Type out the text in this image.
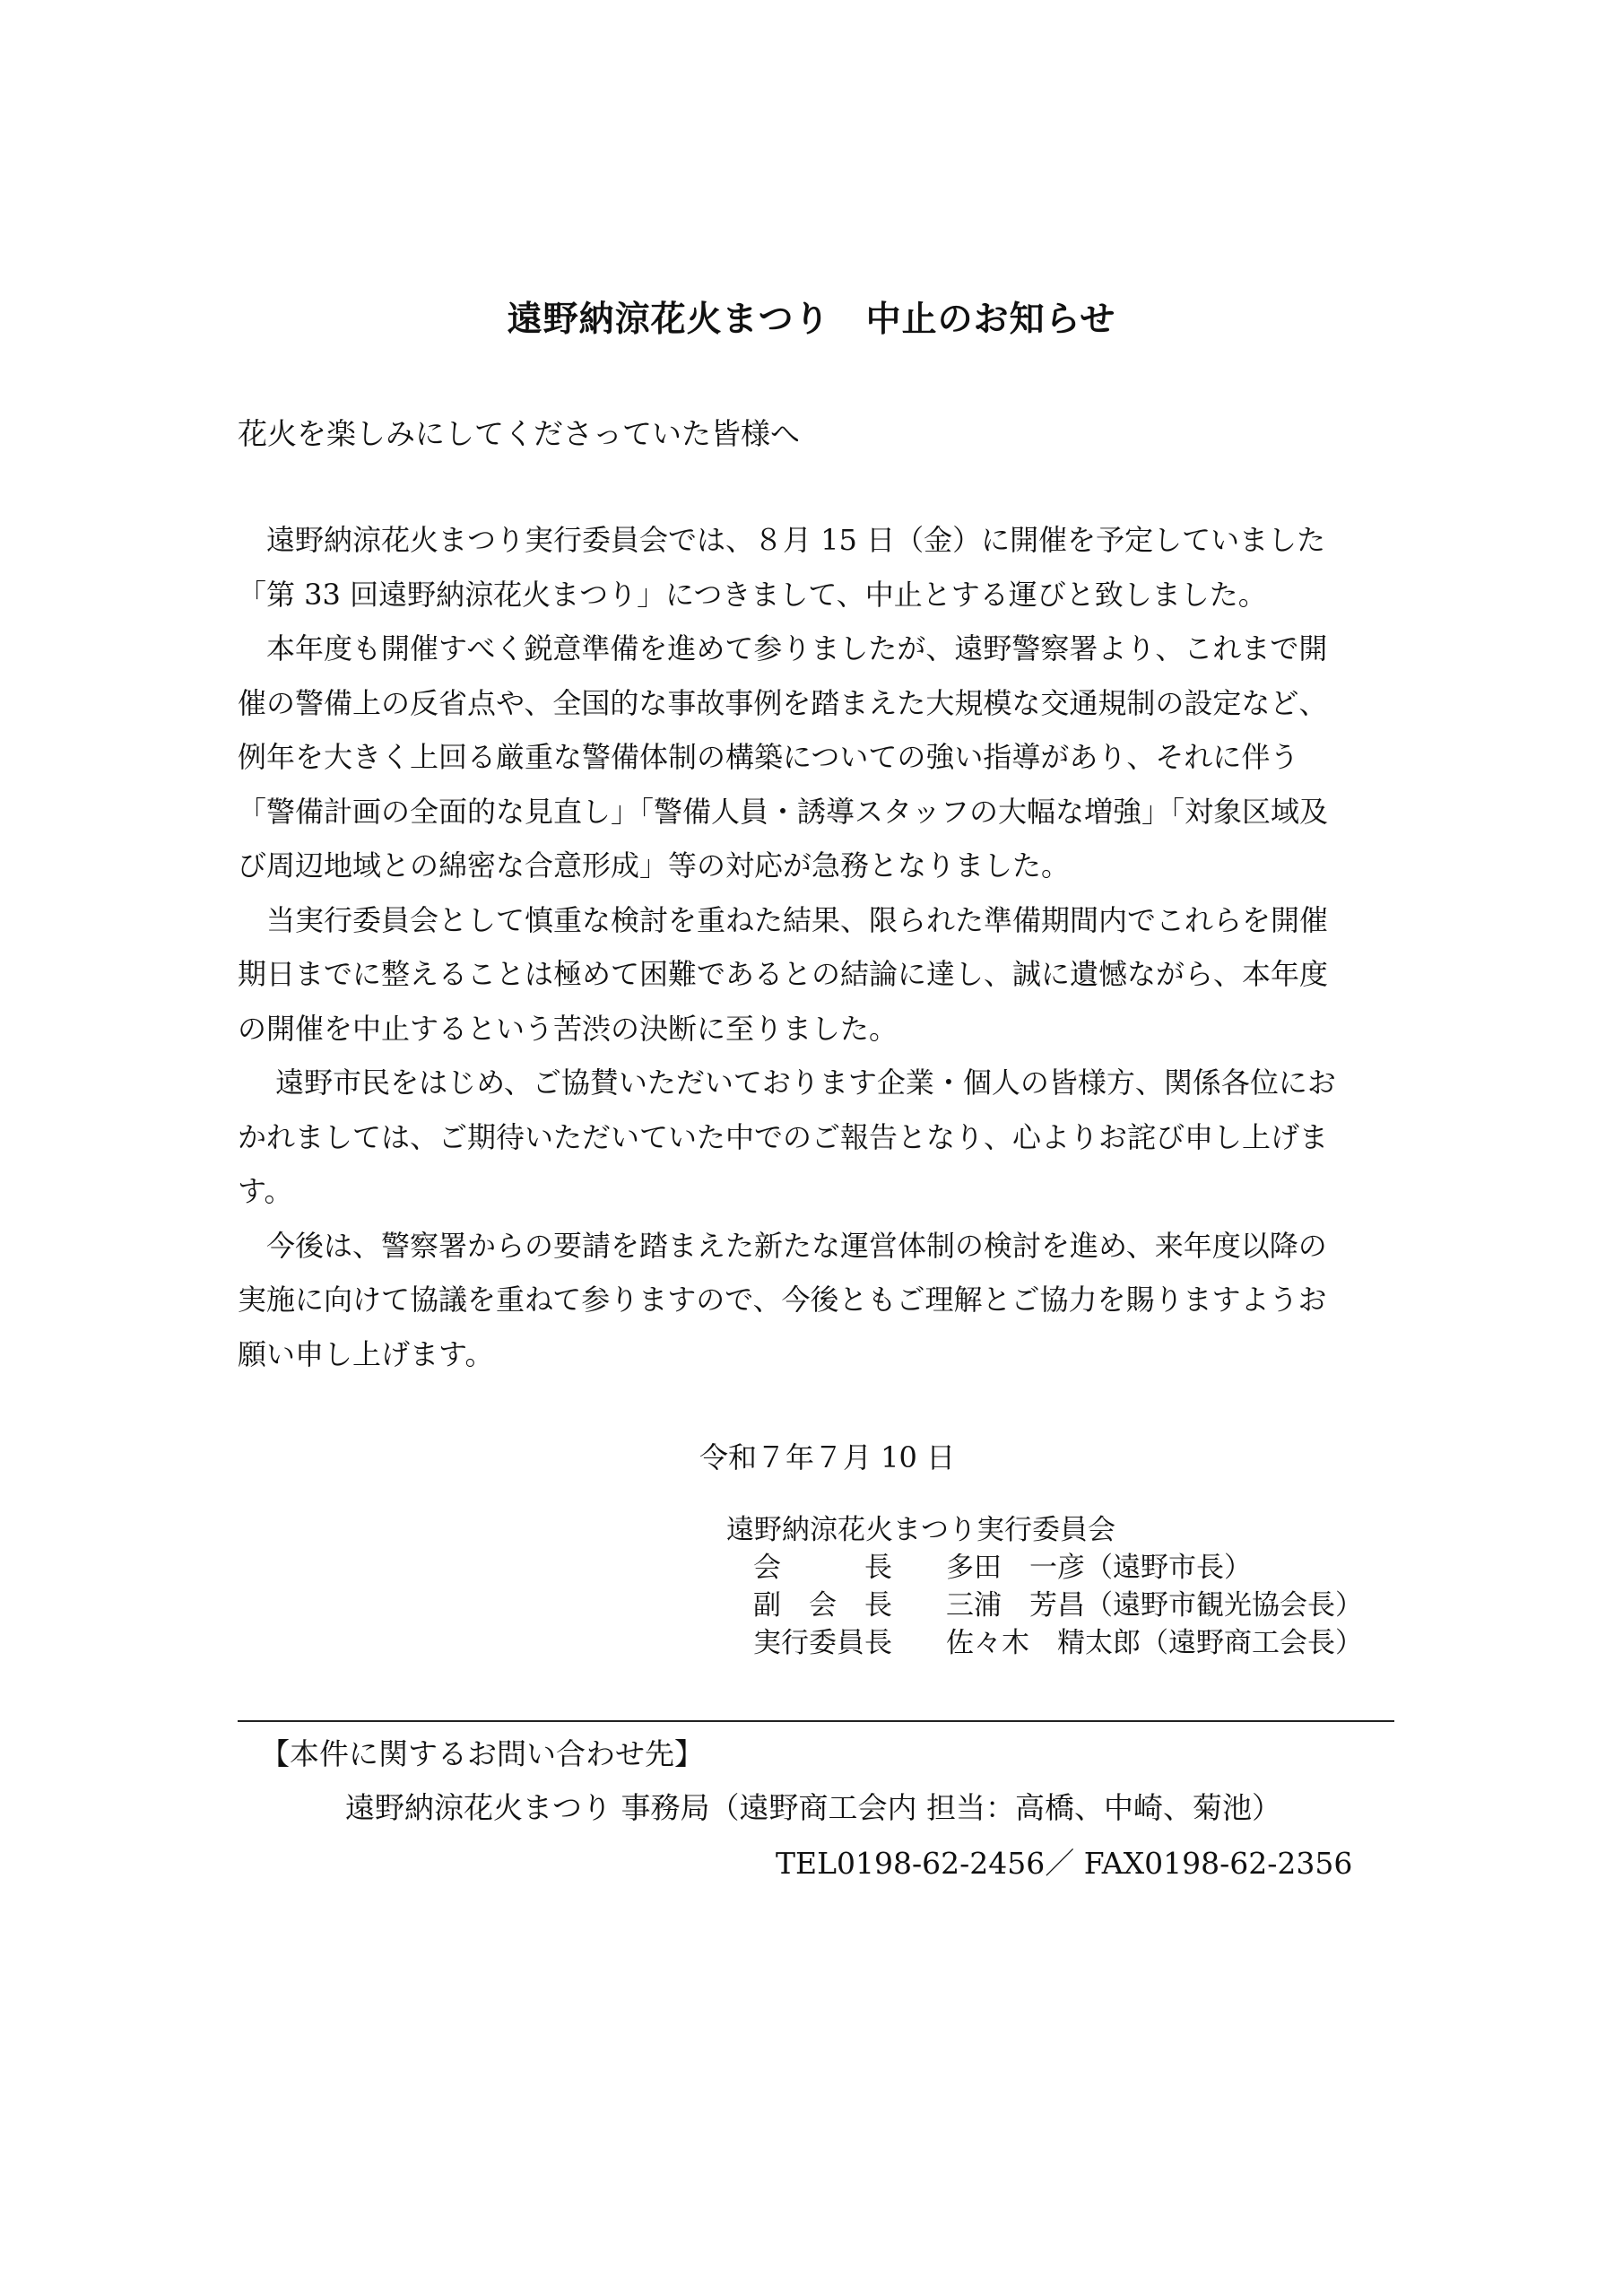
遠野納涼花火まつり　中止のお知らせ
花火を楽しみにしてくださっていた皆様へ
　遠野納涼花火まつり実行委員会では、８月 15 日（金）に開催を予定していました
「第 33 回遠野納涼花火まつり」につきまして、中止とする運びと致しました。
　本年度も開催すべく鋭意準備を進めて参りましたが、遠野警察署より、これまで開
催の警備上の反省点や、全国的な事故事例を踏まえた大規模な交通規制の設定など、
例年を大きく上回る厳重な警備体制の構築についての強い指導があり、それに伴う
「警備計画の全面的な見直し」「警備人員・誘導スタッフの大幅な増強」「対象区域及
び周辺地域との綿密な合意形成」等の対応が急務となりました。
　当実行委員会として慎重な検討を重ねた結果、限られた準備期間内でこれらを開催
期日までに整えることは極めて困難であるとの結論に達し、誠に遺憾ながら、本年度
の開催を中止するという苦渋の決断に至りました。
　 遠野市民をはじめ、ご協賛いただいております企業・個人の皆様方、関係各位にお
かれましては、ご期待いただいていた中でのご報告となり、心よりお詫び申し上げま
す。
　今後は、警察署からの要請を踏まえた新たな運営体制の検討を進め、来年度以降の
実施に向けて協議を重ねて参りますので、今後ともご理解とご協力を賜りますようお
願い申し上げます。
令和７年７月 10 日
遠野納涼花火まつり実行委員会
会　　　長 多田　一彦（遠野市長）
副　会　長 三浦　芳昌（遠野市観光協会長）
実行委員長 佐々木　精太郎（遠野商工会長）
【本件に関するお問い合わせ先】
遠野納涼花火まつり 事務局（遠野商工会内 担当：高橋、中崎、菊池）
TEL0198-62-2456／ FAX0198-62-2356
